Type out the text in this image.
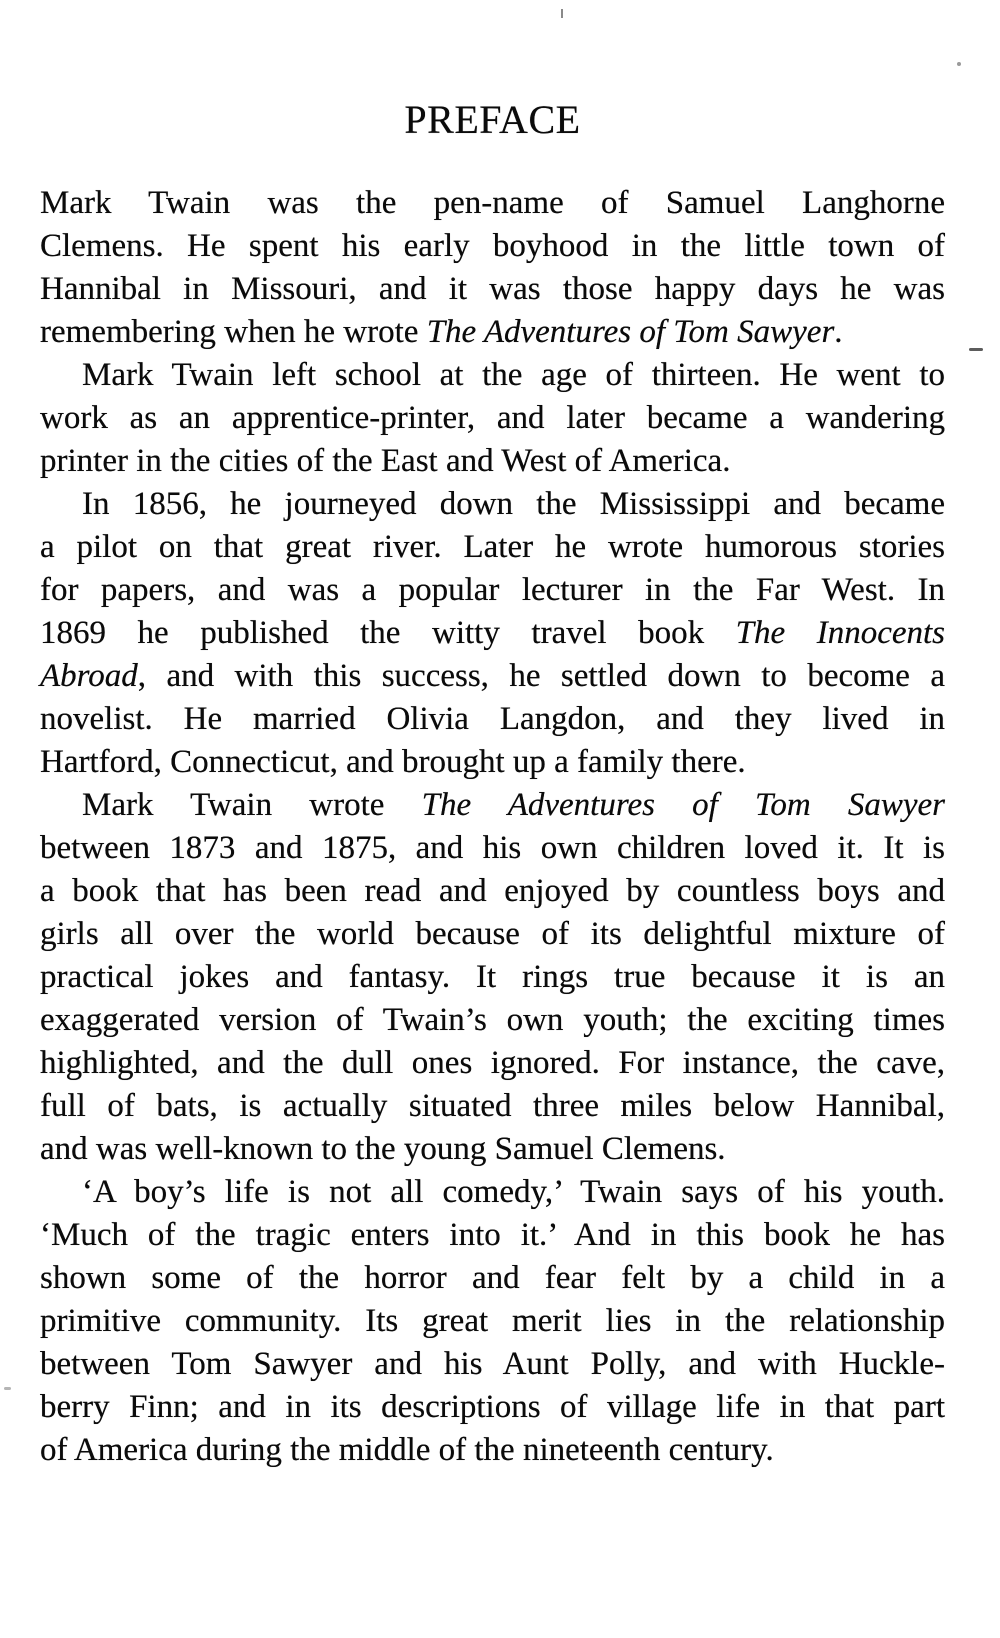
PREFACE
Mark Twain was the pen-name of Samuel Langhorne
Clemens. He spent his early boyhood in the little town of
Hannibal in Missouri, and it was those happy days he was
remembering when he wrote The Adventures of Tom Sawyer.
Mark Twain left school at the age of thirteen. He went to
work as an apprentice-printer, and later became a wandering
printer in the cities of the East and West of America.
In 1856, he journeyed down the Mississippi and became
a pilot on that great river. Later he wrote humorous stories
for papers, and was a popular lecturer in the Far West. In
1869 he published the witty travel book The Innocents
Abroad, and with this success, he settled down to become a
novelist. He married Olivia Langdon, and they lived in
Hartford, Connecticut, and brought up a family there.
Mark Twain wrote The Adventures of Tom Sawyer
between 1873 and 1875, and his own children loved it. It is
a book that has been read and enjoyed by countless boys and
girls all over the world because of its delightful mixture of
practical jokes and fantasy. It rings true because it is an
exaggerated version of Twain’s own youth; the exciting times
highlighted, and the dull ones ignored. For instance, the cave,
full of bats, is actually situated three miles below Hannibal,
and was well-known to the young Samuel Clemens.
‘A boy’s life is not all comedy,’ Twain says of his youth.
‘Much of the tragic enters into it.’ And in this book he has
shown some of the horror and fear felt by a child in a
primitive community. Its great merit lies in the relationship
between Tom Sawyer and his Aunt Polly, and with Huckle-
berry Finn; and in its descriptions of village life in that part
of America during the middle of the nineteenth century.
